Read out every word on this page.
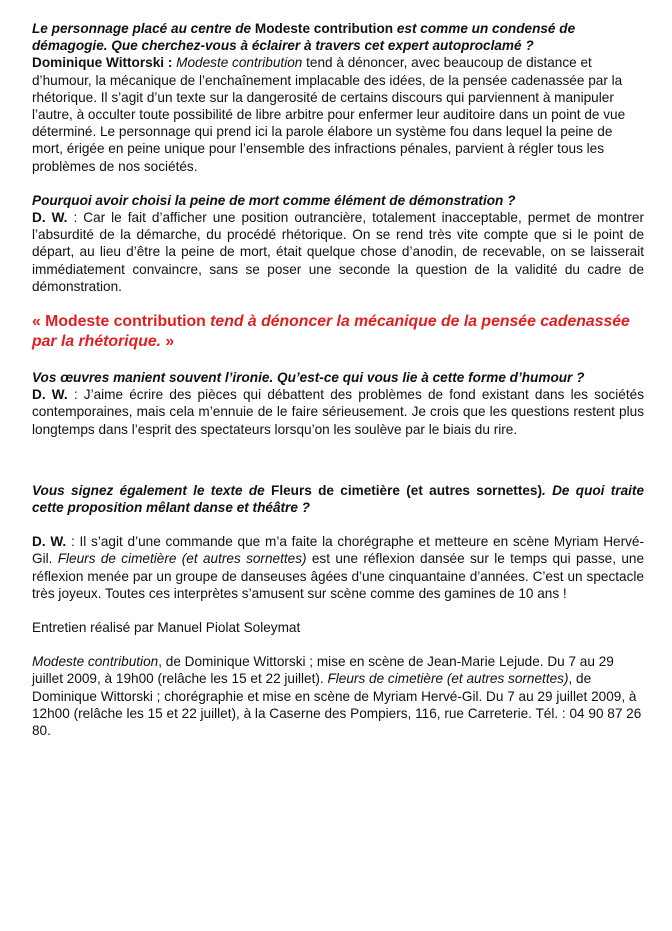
Le personnage placé au centre de Modeste contribution est comme un condensé de démagogie. Que cherchez-vous à éclairer à travers cet expert autoproclamé ?

Dominique Wittorski : Modeste contribution tend à dénoncer, avec beaucoup de distance et d’humour, la mécanique de l’enchaînement implacable des idées, de la pensée cadenassée par la rhétorique. Il s’agit d’un texte sur la dangerosité de certains discours qui parviennent à manipuler l’autre, à occulter toute possibilité de libre arbitre pour enfermer leur auditoire dans un point de vue déterminé. Le personnage qui prend ici la parole élabore un système fou dans lequel la peine de mort, érigée en peine unique pour l’ensemble des infractions pénales, parvient à régler tous les problèmes de nos sociétés.

Pourquoi avoir choisi la peine de mort comme élément de démonstration ?

D. W. : Car le fait d’afficher une position outrancière, totalement inacceptable, permet de montrer l’absurdité de la démarche, du procédé rhétorique. On se rend très vite compte que si le point de départ, au lieu d’être la peine de mort, était quelque chose d’anodin, de recevable, on se laisserait immédiatement convaincre, sans se poser une seconde la question de la validité du cadre de démonstration.

« Modeste contribution tend à dénoncer la mécanique de la pensée cadenassée par la rhétorique. »

Vos œuvres manient souvent l’ironie. Qu’est-ce qui vous lie à cette forme d’humour ?

D. W. : J’aime écrire des pièces qui débattent des problèmes de fond existant dans les sociétés contemporaines, mais cela m’ennuie de le faire sérieusement. Je crois que les questions restent plus longtemps dans l’esprit des spectateurs lorsqu’on les soulève par le biais du rire.

Vous signez également le texte de Fleurs de cimetière (et autres sornettes). De quoi traite cette proposition mêlant danse et théâtre ?

D. W. : Il s’agit d’une commande que m’a faite la chorégraphe et metteure en scène Myriam Hervé-Gil. Fleurs de cimetière (et autres sornettes) est une réflexion dansée sur le temps qui passe, une réflexion menée par un groupe de danseuses âgées d’une cinquantaine d’années. C’est un spectacle très joyeux. Toutes ces interprètes s’amusent sur scène comme des gamines de 10 ans !

Entretien réalisé par Manuel Piolat Soleymat

Modeste contribution, de Dominique Wittorski ; mise en scène de Jean-Marie Lejude. Du 7 au 29 juillet 2009, à 19h00 (relâche les 15 et 22 juillet). Fleurs de cimetière (et autres sornettes), de Dominique Wittorski ; chorégraphie et mise en scène de Myriam Hervé-Gil. Du 7 au 29 juillet 2009, à 12h00 (relâche les 15 et 22 juillet), à la Caserne des Pompiers, 116, rue Carreterie. Tél. : 04 90 87 26 80.
